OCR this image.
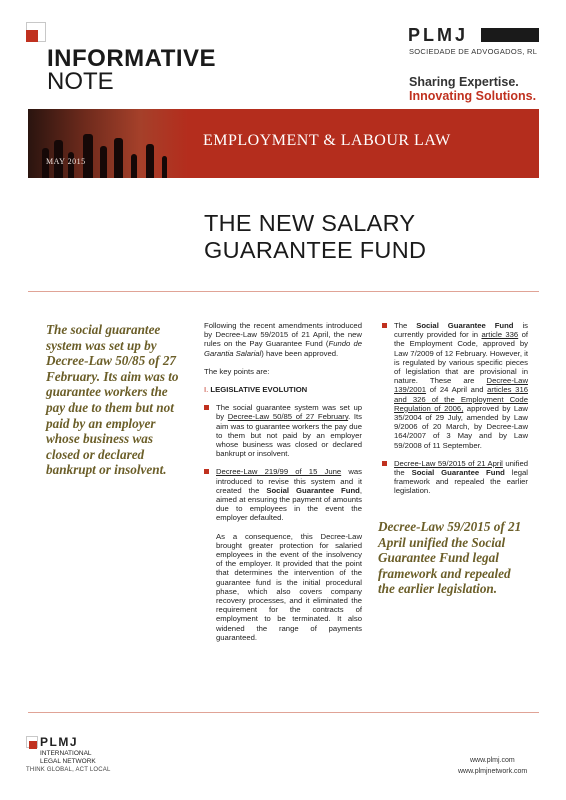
INFORMATIVE
NOTE
PLMJ
SOCIEDADE DE ADVOGADOS, RL
Sharing Expertise.
Innovating Solutions.
MAY 2015
EMPLOYMENT & LABOUR LAW
THE NEW SALARY
GUARANTEE FUND
The social guarantee system was set up by Decree-Law 50/85 of 27 February. Its aim was to guarantee workers the pay due to them but not paid by an employer whose business was closed or declared bankrupt or insolvent.
Decree-Law 59/2015 of 21 April unified the Social Guarantee Fund legal framework and repealed the earlier legislation.

Following the recent amendments introduced by Decree-Law 59/2015 of 21 April, the new rules on the Pay Guarantee Fund (Fundo de Garantia Salarial) have been approved.

The key points are:

I. LEGISLATIVE EVOLUTION

The social guarantee system was set up by Decree-Law 50/85 of 27 February. Its aim was to guarantee workers the pay due to them but not paid by an employer whose business was closed or declared bankrupt or insolvent.

Decree-Law 219/99 of 15 June was introduced to revise this system and it created the Social Guarantee Fund, aimed at ensuring the payment of amounts due to employees in the event the employer defaulted.

As a consequence, this Decree-Law brought greater protection for salaried employees in the event of the insolvency of the employer. It provided that the point that determines the intervention of the guarantee fund is the initial procedural phase, which also covers company recovery processes, and it eliminated the requirement for the contracts of employment to be terminated. It also widened the range of payments guaranteed.

The Social Guarantee Fund is currently provided for in article 336 of the Employment Code, approved by Law 7/2009 of 12 February. However, it is regulated by various specific pieces of legislation that are provisional in nature. These are Decree-Law 139/2001 of 24 April and articles 316 and 326 of the Employment Code Regulation of 2006, approved by Law 35/2004 of 29 July, amended by Law 9/2006 of 20 March, by Decree-Law 164/2007 of 3 May and by Law 59/2008 of 11 September.

Decree-Law 59/2015 of 21 April unified the Social Guarantee Fund legal framework and repealed the earlier legislation.

PLMJ
INTERNATIONAL
LEGAL NETWORK
THINK GLOBAL, ACT LOCAL
www.plmj.com
www.plmjnetwork.com
